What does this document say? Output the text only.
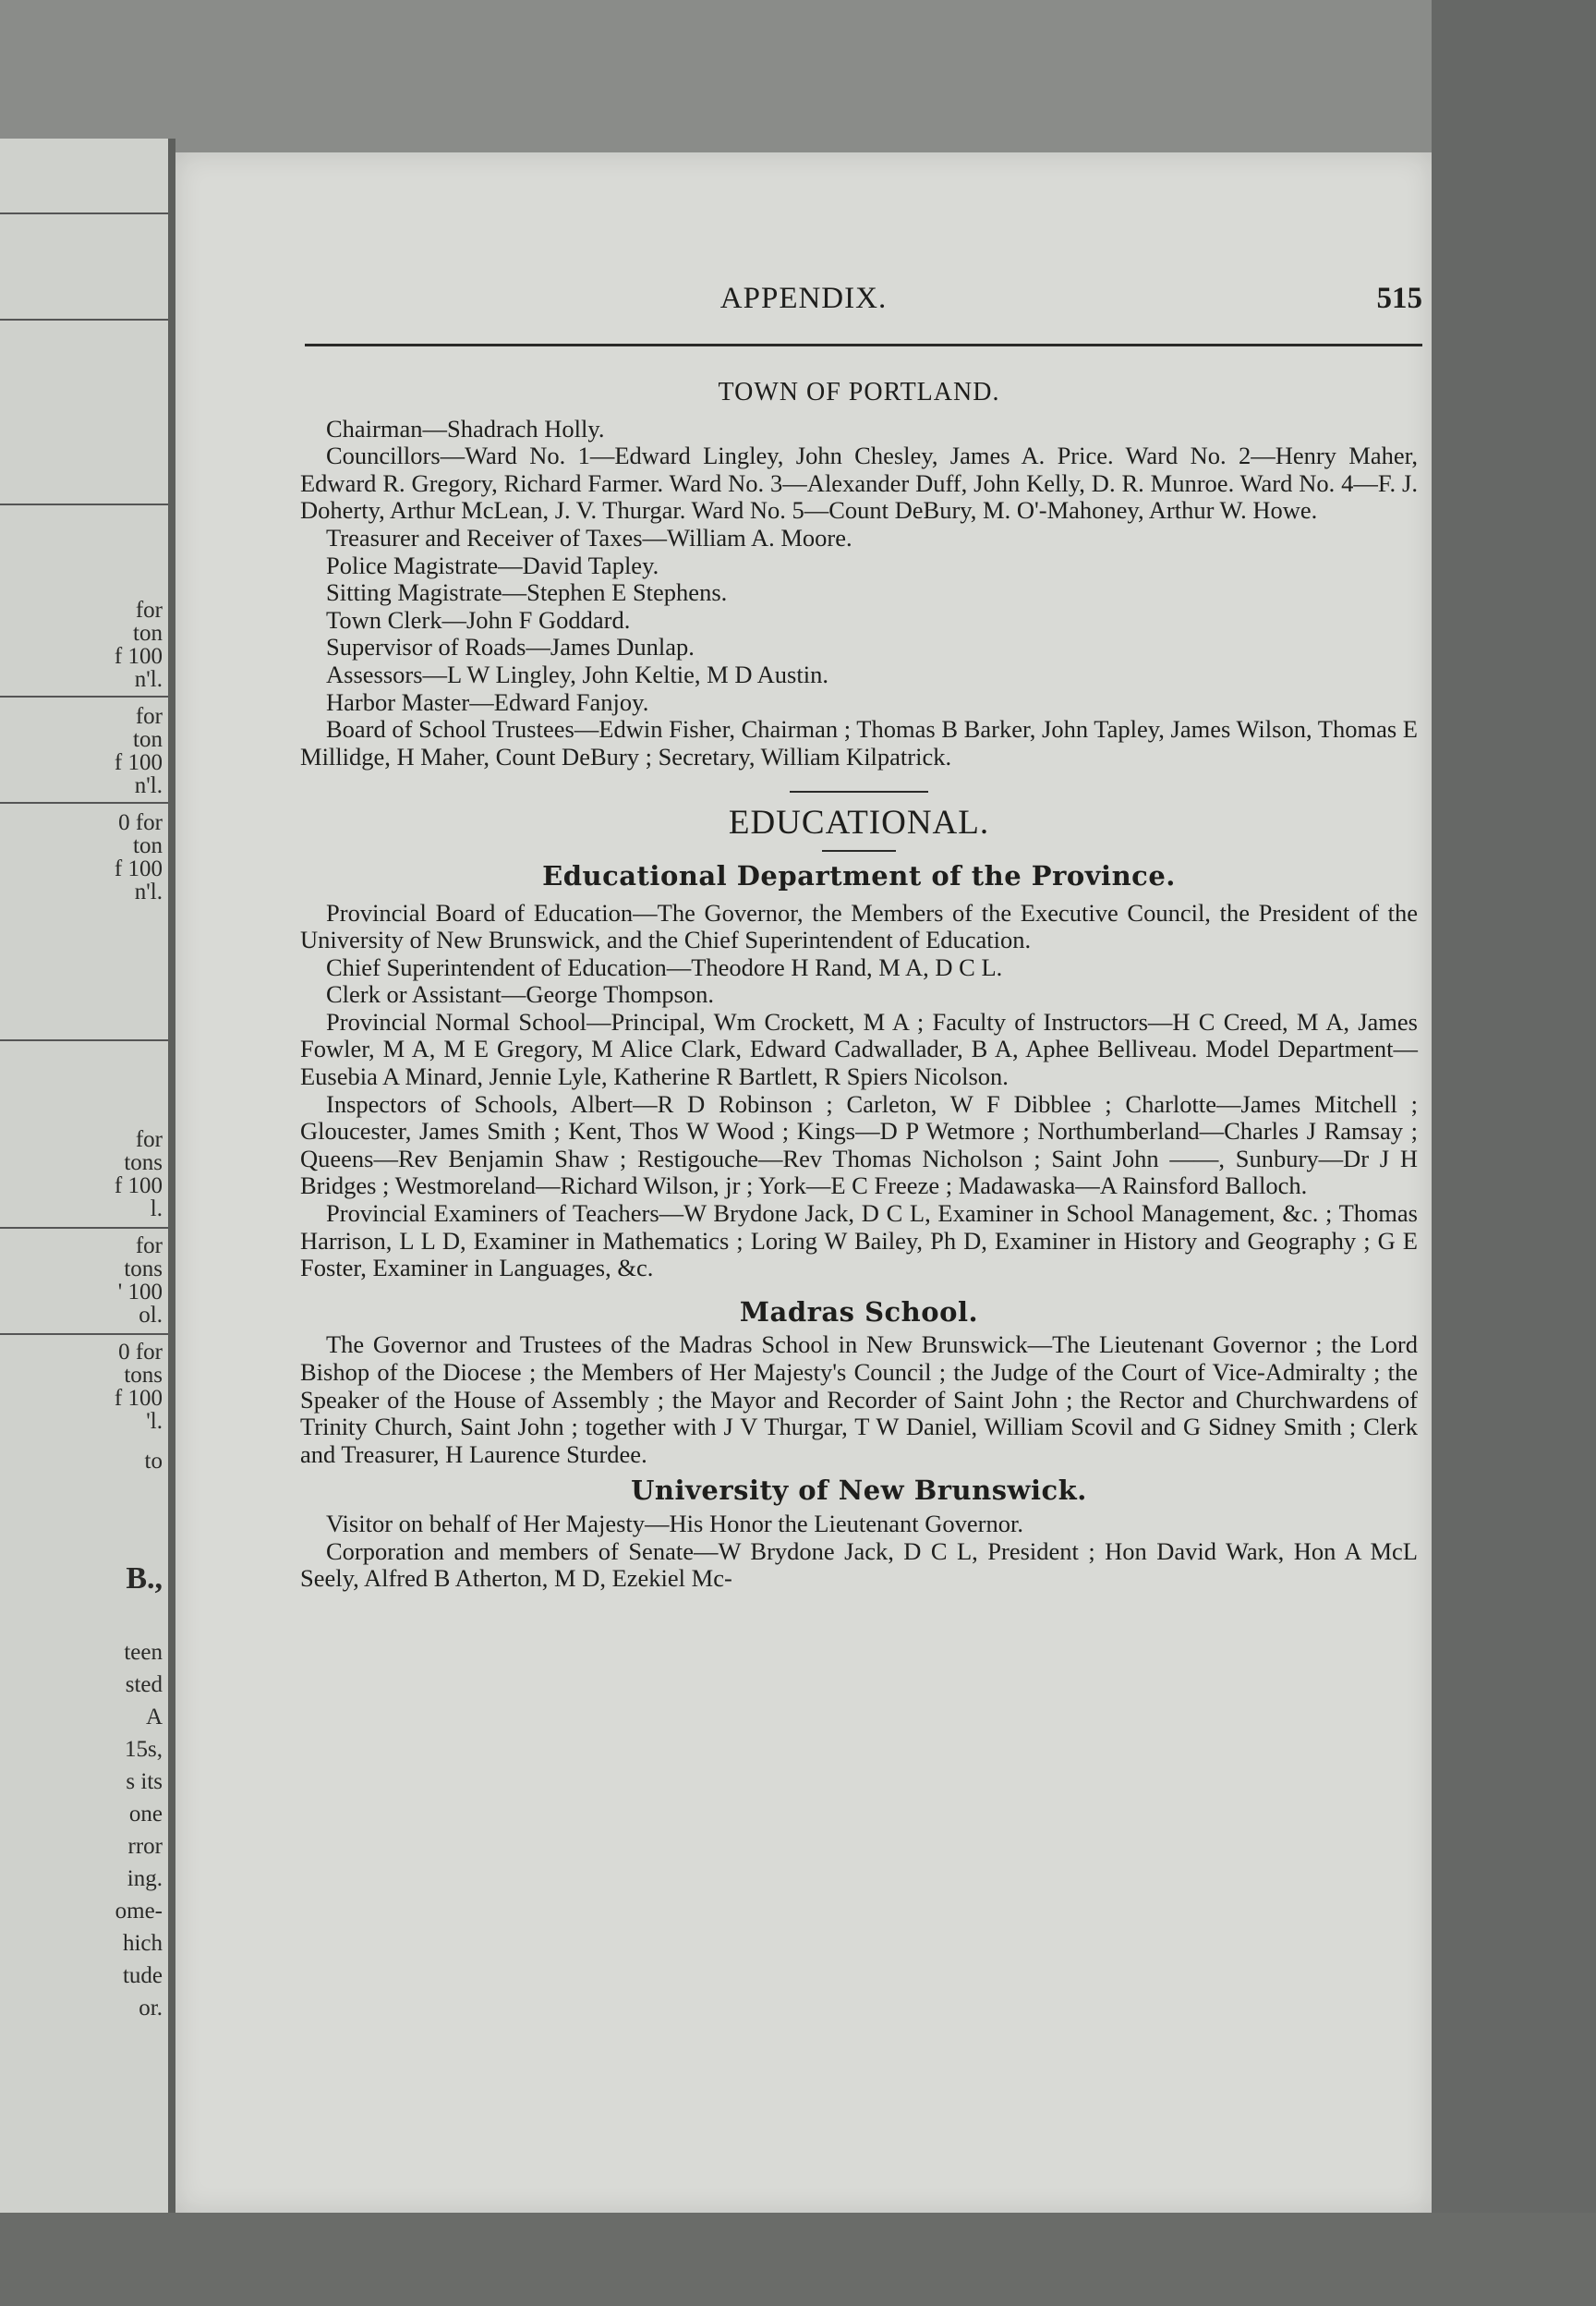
for
ton
f 100
n'l.
for
ton
f 100
n'l.
0 for
ton
f 100
n'l.
for
tons
f 100
l.
for
tons
' 100
ol.
0 for
tons
f 100
'l.
to
B.,
teen
sted
A
15s,
s its
one
rror
ing.
ome-
hich
tude
or.
APPENDIX.	515
TOWN OF PORTLAND.

Chairman—Shadrach Holly.

Councillors—Ward No. 1—Edward Lingley, John Chesley, James A. Price. Ward No. 2—Henry Maher, Edward R. Gregory, Richard Farmer. Ward No. 3—Alexander Duff, John Kelly, D. R. Munroe. Ward No. 4—F. J. Doherty, Arthur McLean, J. V. Thurgar. Ward No. 5—Count DeBury, M. O'-Mahoney, Arthur W. Howe.

Treasurer and Receiver of Taxes—William A. Moore.

Police Magistrate—David Tapley.

Sitting Magistrate—Stephen E Stephens.

Town Clerk—John F Goddard.

Supervisor of Roads—James Dunlap.

Assessors—L W Lingley, John Keltie, M D Austin.

Harbor Master—Edward Fanjoy.

Board of School Trustees—Edwin Fisher, Chairman ; Thomas B Barker, John Tapley, James Wilson, Thomas E Millidge, H Maher, Count DeBury ; Secretary, William Kilpatrick.

EDUCATIONAL.
Educational Department of the Province.

Provincial Board of Education—The Governor, the Members of the Executive Council, the President of the University of New Brunswick, and the Chief Superintendent of Education.

Chief Superintendent of Education—Theodore H Rand, M A, D C L.

Clerk or Assistant—George Thompson.

Provincial Normal School—Principal, Wm Crockett, M A ; Faculty of Instructors—H C Creed, M A, James Fowler, M A, M E Gregory, M Alice Clark, Edward Cadwallader, B A, Aphee Belliveau. Model Department—Eusebia A Minard, Jennie Lyle, Katherine R Bartlett, R Spiers Nicolson.

Inspectors of Schools, Albert—R D Robinson ; Carleton, W F Dibblee ; Charlotte—James Mitchell ; Gloucester, James Smith ; Kent, Thos W Wood ; Kings—D P Wetmore ; Northumberland—Charles J Ramsay ; Queens—Rev Benjamin Shaw ; Restigouche—Rev Thomas Nicholson ; Saint John ——, Sunbury—Dr J H Bridges ; Westmoreland—Richard Wilson, jr ; York—E C Freeze ; Madawaska—A Rainsford Balloch.

Provincial Examiners of Teachers—W Brydone Jack, D C L, Examiner in School Management, &c. ; Thomas Harrison, L L D, Examiner in Mathematics ; Loring W Bailey, Ph D, Examiner in History and Geography ; G E Foster, Examiner in Languages, &c.

Madras School.

The Governor and Trustees of the Madras School in New Brunswick—The Lieutenant Governor ; the Lord Bishop of the Diocese ; the Members of Her Majesty's Council ; the Judge of the Court of Vice-Admiralty ; the Speaker of the House of Assembly ; the Mayor and Recorder of Saint John ; the Rector and Churchwardens of Trinity Church, Saint John ; together with J V Thurgar, T W Daniel, William Scovil and G Sidney Smith ; Clerk and Treasurer, H Laurence Sturdee.

University of New Brunswick.

Visitor on behalf of Her Majesty—His Honor the Lieutenant Governor.

Corporation and members of Senate—W Brydone Jack, D C L, President ; Hon David Wark, Hon A McL Seely, Alfred B Atherton, M D, Ezekiel Mc-
